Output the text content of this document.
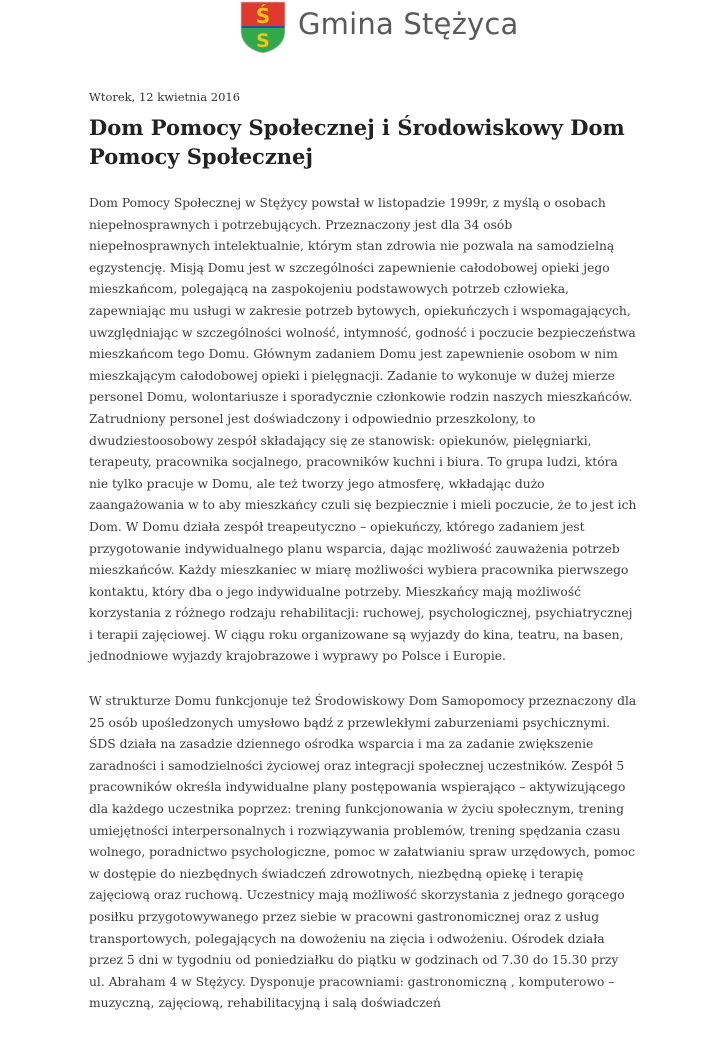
Ś
S Gmina Stężyca
Wtorek, 12 kwietnia 2016
Dom Pomocy Społecznej i Środowiskowy Dom Pomocy Społecznej

Dom Pomocy Społecznej w Stężycy powstał w listopadzie 1999r, z myślą o osobach niepełnosprawnych i potrzebujących. Przeznaczony jest dla 34 osób niepełnosprawnych intelektualnie, którym stan zdrowia nie pozwala na samodzielną egzystencję. Misją Domu jest w szczególności zapewnienie całodobowej opieki jego mieszkańcom, polegającą na zaspokojeniu podstawowych potrzeb człowieka, zapewniając mu usługi w zakresie potrzeb bytowych, opiekuńczych i wspomagających, uwzględniając w szczególności wolność, intymność, godność i poczucie bezpieczeństwa mieszkańcom tego Domu. Głównym zadaniem Domu jest zapewnienie osobom w nim mieszkającym całodobowej opieki i pielęgnacji. Zadanie to wykonuje w dużej mierze personel Domu, wolontariusze i sporadycznie członkowie rodzin naszych mieszkańców. Zatrudniony personel jest doświadczony i odpowiednio przeszkolony, to dwudziestoosobowy zespół składający się ze stanowisk: opiekunów, pielęgniarki, terapeuty, pracownika socjalnego, pracowników kuchni i biura. To grupa ludzi, która nie tylko pracuje w Domu, ale też tworzy jego atmosferę, wkładając dużo zaangażowania w to aby mieszkańcy czuli się bezpiecznie i mieli poczucie, że to jest ich Dom. W Domu działa zespół treapeutyczno – opiekuńczy, którego zadaniem jest przygotowanie indywidualnego planu wsparcia, dając możliwość zauważenia potrzeb mieszkańców. Każdy mieszkaniec w miarę możliwości wybiera pracownika pierwszego kontaktu, który dba o jego indywidualne potrzeby. Mieszkańcy mają możliwość korzystania z różnego rodzaju rehabilitacji: ruchowej, psychologicznej, psychiatrycznej i terapii zajęciowej. W ciągu roku organizowane są wyjazdy do kina, teatru, na basen, jednodniowe wyjazdy krajobrazowe i wyprawy po Polsce i Europie.

W strukturze Domu funkcjonuje też Środowiskowy Dom Samopomocy przeznaczony dla 25 osób upośledzonych umysłowo bądź z przewlekłymi zaburzeniami psychicznymi. ŚDS działa na zasadzie dziennego ośrodka wsparcia i ma za zadanie zwiększenie zaradności i samodzielności życiowej oraz integracji społecznej uczestników. Zespół 5 pracowników określa indywidualne plany postępowania wspierająco – aktywizującego dla każdego uczestnika poprzez: trening funkcjonowania w życiu społecznym, trening umiejętności interpersonalnych i rozwiązywania problemów, trening spędzania czasu wolnego, poradnictwo psychologiczne, pomoc w załatwianiu spraw urzędowych, pomoc w dostępie do niezbędnych świadczeń zdrowotnych, niezbędną opiekę i terapię zajęciową oraz ruchową. Uczestnicy mają możliwość skorzystania z jednego gorącego posiłku przygotowywanego przez siebie w pracowni gastronomicznej oraz z usług transportowych, polegających na dowożeniu na zięcia i odwożeniu. Ośrodek działa przez 5 dni w tygodniu od poniedziałku do piątku w godzinach od 7.30 do 15.30 przy ul. Abraham 4 w Stężycy. Dysponuje pracowniami: gastronomiczną , komputerowo – muzyczną, zajęciową, rehabilitacyjną i salą doświadczeń
